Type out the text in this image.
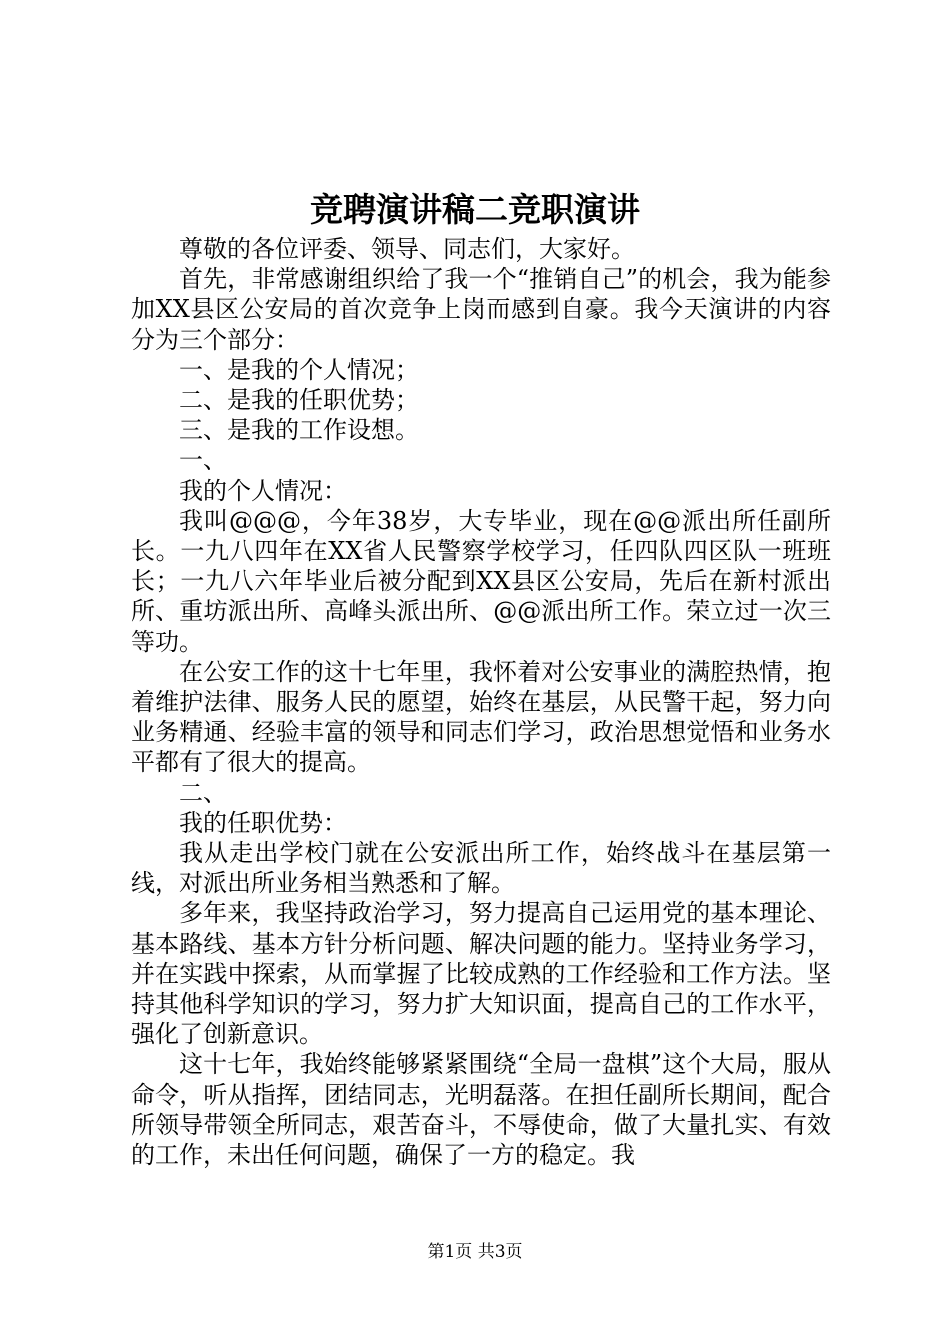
竞聘演讲稿二竞职演讲

尊敬的各位评委、领导、同志们，大家好。

首先，非常感谢组织给了我一个“推销自己”的机会，我为能参加XX县区公安局的首次竞争上岗而感到自豪。我今天演讲的内容分为三个部分：

一、是我的个人情况；

二、是我的任职优势；

三、是我的工作设想。

一、

我的个人情况：

我叫@@@，今年38岁，大专毕业，现在@@派出所任副所长。一九八四年在XX省人民警察学校学习，任四队四区队一班班长；一九八六年毕业后被分配到XX县区公安局，先后在新村派出所、重坊派出所、高峰头派出所、@@派出所工作。荣立过一次三等功。

在公安工作的这十七年里，我怀着对公安事业的满腔热情，抱着维护法律、服务人民的愿望，始终在基层，从民警干起，努力向业务精通、经验丰富的领导和同志们学习，政治思想觉悟和业务水平都有了很大的提高。

二、

我的任职优势：

我从走出学校门就在公安派出所工作，始终战斗在基层第一线，对派出所业务相当熟悉和了解。

多年来，我坚持政治学习，努力提高自己运用党的基本理论、基本路线、基本方针分析问题、解决问题的能力。坚持业务学习，并在实践中探索，从而掌握了比较成熟的工作经验和工作方法。坚持其他科学知识的学习，努力扩大知识面，提高自己的工作水平，强化了创新意识。

这十七年，我始终能够紧紧围绕“全局一盘棋”这个大局，服从命令，听从指挥，团结同志，光明磊落。在担任副所长期间，配合所领导带领全所同志，艰苦奋斗，不辱使命，做了大量扎实、有效的工作，未出任何问题，确保了一方的稳定。我

第1页 共3页
